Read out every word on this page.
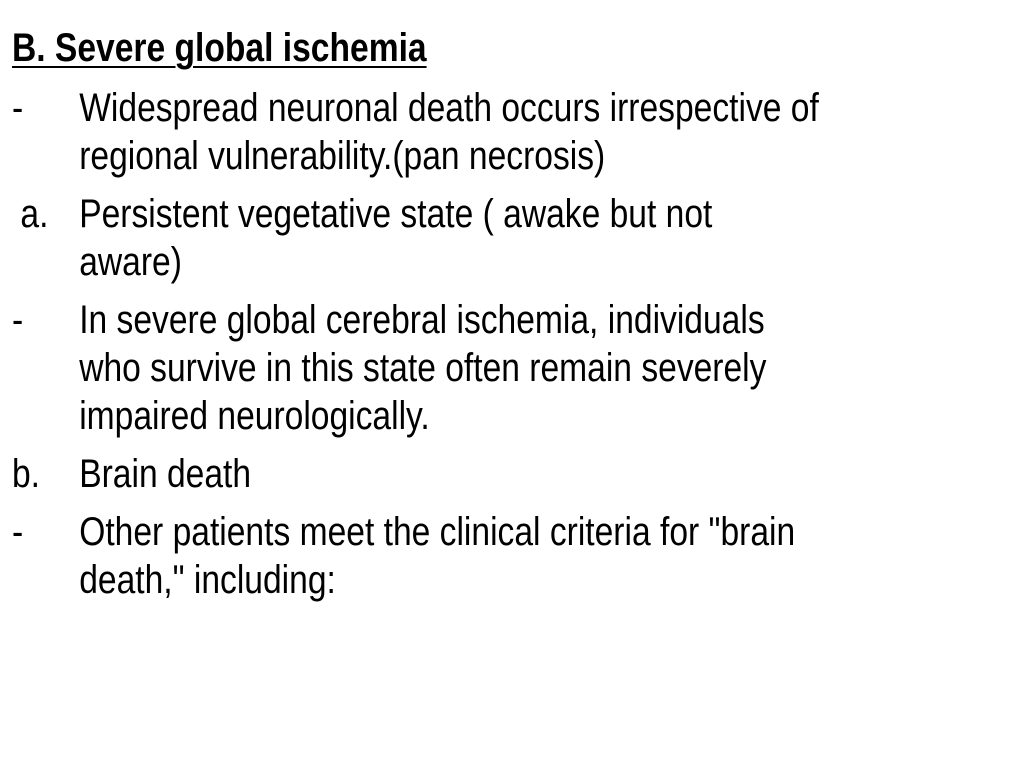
B. Severe global ischemia
- Widespread neuronal death occurs irrespective of
regional vulnerability.(pan necrosis)
a. Persistent vegetative state ( awake but not
aware)
- In severe global cerebral ischemia, individuals
who survive in this state often remain severely
impaired neurologically.
b. Brain death
- Other patients meet the clinical criteria for "brain
death," including:
